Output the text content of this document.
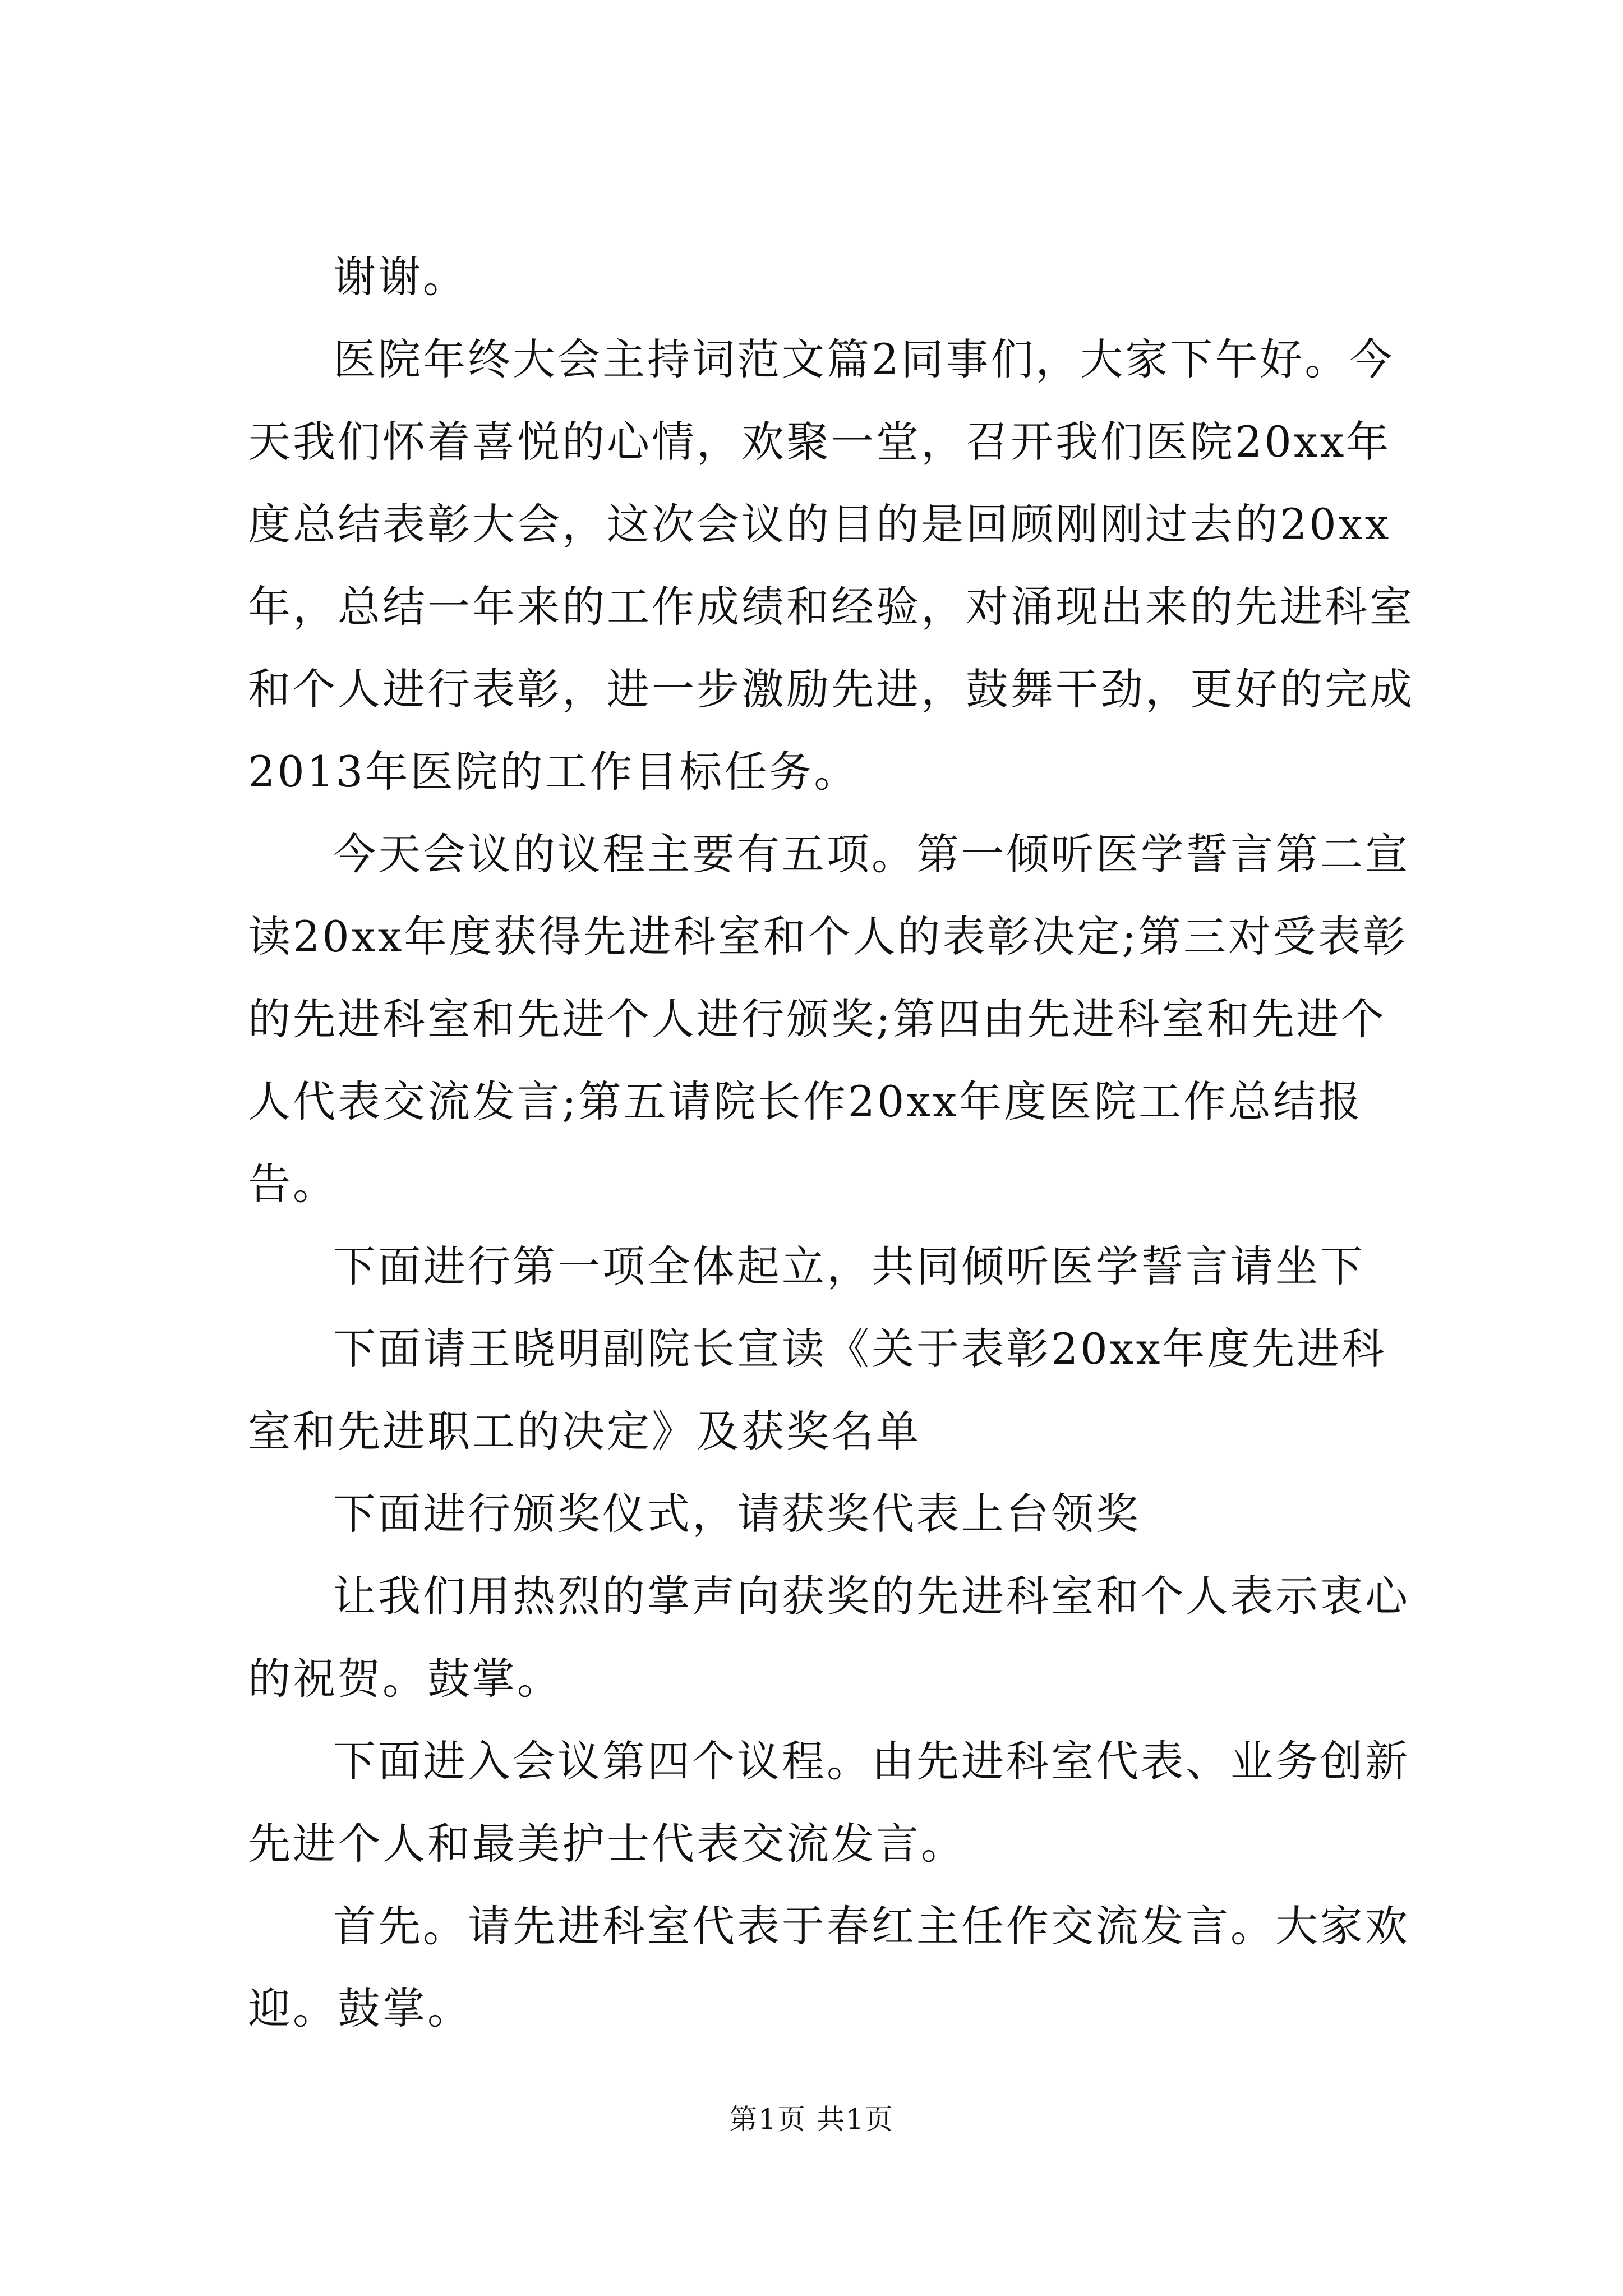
谢谢。

医院年终大会主持词范文篇2同事们，大家下午好。今天我们怀着喜悦的心情，欢聚一堂，召开我们医院20xx年度总结表彰大会，这次会议的目的是回顾刚刚过去的20xx年，总结一年来的工作成绩和经验，对涌现出来的先进科室和个人进行表彰，进一步激励先进，鼓舞干劲，更好的完成2013年医院的工作目标任务。

今天会议的议程主要有五项。第一倾听医学誓言第二宣读20xx年度获得先进科室和个人的表彰决定;第三对受表彰的先进科室和先进个人进行颁奖;第四由先进科室和先进个人代表交流发言;第五请院长作20xx年度医院工作总结报告。

下面进行第一项全体起立，共同倾听医学誓言请坐下

下面请王晓明副院长宣读《关于表彰20xx年度先进科室和先进职工的决定》及获奖名单

下面进行颁奖仪式，请获奖代表上台领奖

让我们用热烈的掌声向获奖的先进科室和个人表示衷心的祝贺。鼓掌。

下面进入会议第四个议程。由先进科室代表、业务创新先进个人和最美护士代表交流发言。

首先。请先进科室代表于春红主任作交流发言。大家欢迎。鼓掌。

第1页 共1页
